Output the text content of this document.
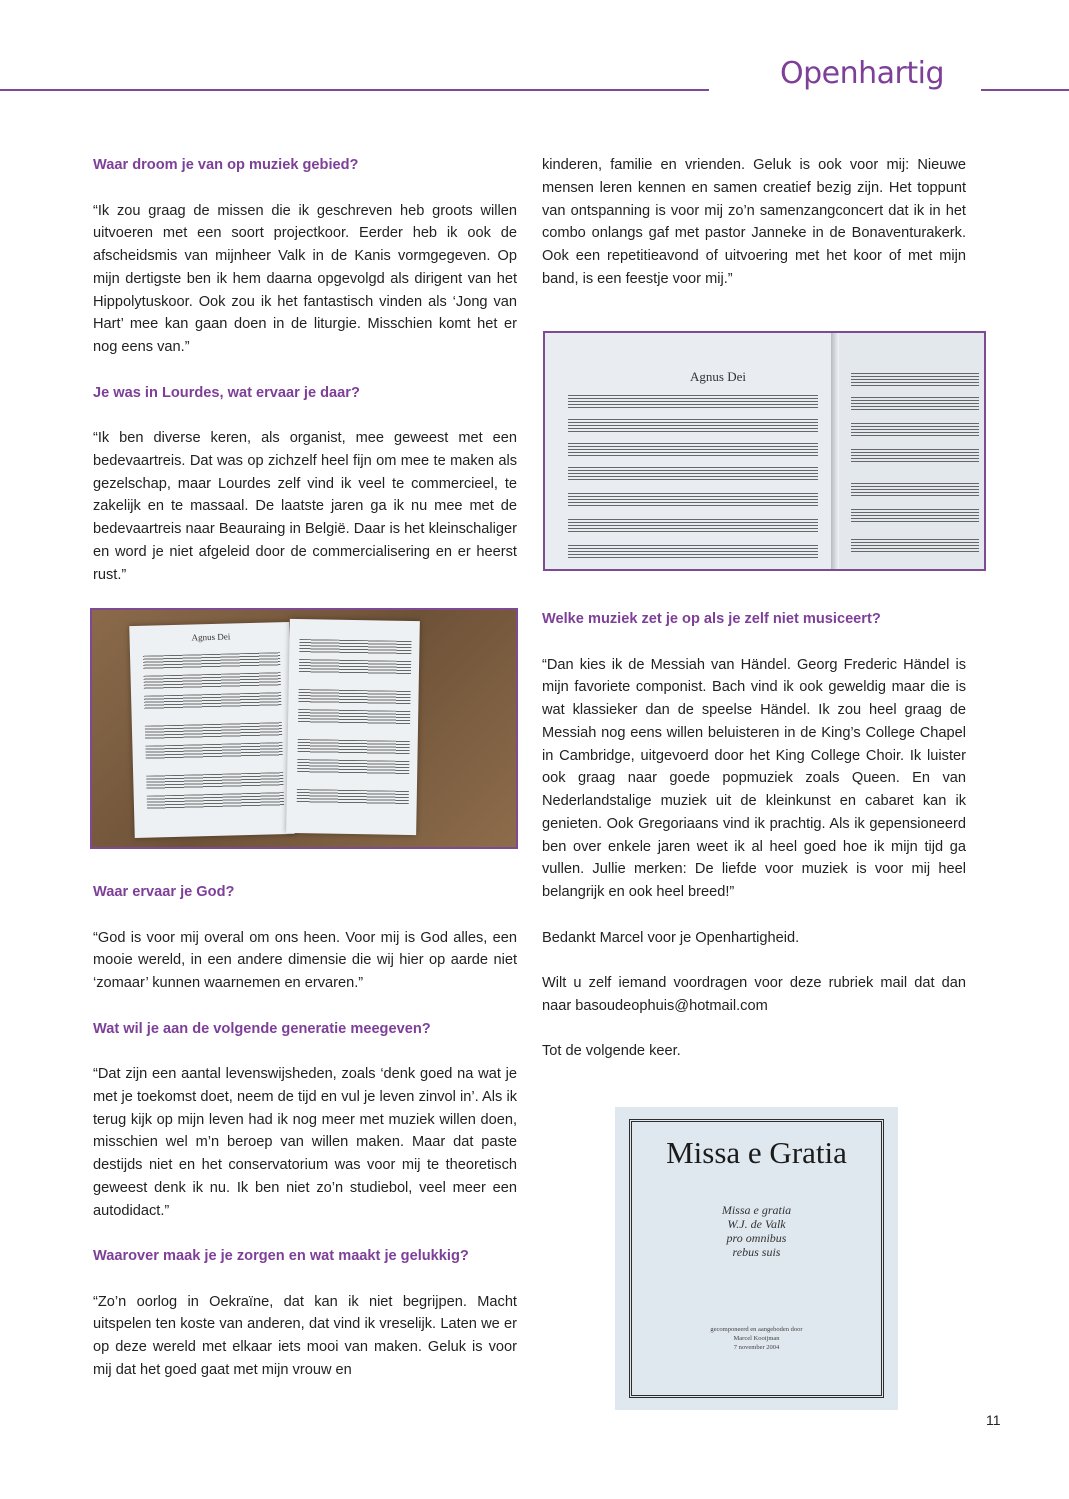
Openhartig

Waar droom je van op muziek gebied?

“Ik zou graag de missen die ik geschreven heb groots willen uitvoeren met een soort projectkoor. Eerder heb ik ook de afscheidsmis van mijnheer Valk in de Kanis vormgegeven. Op mijn dertigste ben ik hem daarna opgevolgd als dirigent van het Hippolytuskoor. Ook zou ik het fantastisch vinden als ‘Jong van Hart’ mee kan gaan doen in de liturgie. Misschien komt het er nog eens van.”

Je was in Lourdes, wat ervaar je daar?

“Ik ben diverse keren, als organist, mee geweest met een bedevaartreis. Dat was op zichzelf heel fijn om mee te maken als gezelschap, maar Lourdes zelf vind ik veel te commercieel, te zakelijk en te massaal. De laatste jaren ga ik nu mee met de bedevaartreis naar Beauraing in België. Daar is het kleinschaliger en word je niet afgeleid door de commercialisering en er heerst rust.”

Agnus Dei

Waar ervaar je God?

“God is voor mij overal om ons heen. Voor mij is God alles, een mooie wereld, in een andere dimensie die wij hier op aarde niet ‘zomaar’ kunnen waarnemen en ervaren.”

Wat wil je aan de volgende generatie meegeven?

“Dat zijn een aantal levenswijsheden, zoals ‘denk goed na wat je met je toekomst doet, neem de tijd en vul je leven zinvol in’. Als ik terug kijk op mijn leven had ik nog meer met muziek willen doen, misschien wel m’n beroep van willen maken. Maar dat paste destijds niet en het conservatorium was voor mij te theoretisch geweest denk ik nu. Ik ben niet zo’n studiebol, veel meer een autodidact.”

Waarover maak je je zorgen en wat maakt je gelukkig?

“Zo’n oorlog in Oekraïne, dat kan ik niet begrijpen. Macht uitspelen ten koste van anderen, dat vind ik vreselijk. Laten we er op deze wereld met elkaar iets mooi van maken. Geluk is voor mij dat het goed gaat met mijn vrouw en

kinderen, familie en vrienden. Geluk is ook voor mij: Nieuwe mensen leren kennen en samen creatief bezig zijn. Het toppunt van ontspanning is voor mij zo’n samenzangconcert dat ik in het combo onlangs gaf met pastor Janneke in de Bonaventurakerk. Ook een repetitieavond of uitvoering met het koor of met mijn band, is een feestje voor mij.”

Agnus Dei

Welke muziek zet je op als je zelf niet musiceert?

“Dan kies ik de Messiah van Händel. Georg Frederic Händel is mijn favoriete componist. Bach vind ik ook geweldig maar die is wat klassieker dan de speelse Händel. Ik zou heel graag de Messiah nog eens willen beluisteren in de King’s College Chapel in Cambridge, uitgevoerd door het King College Choir. Ik luister ook graag naar goede popmuziek zoals Queen. En van Nederlandstalige muziek uit de kleinkunst en cabaret kan ik genieten. Ook Gregoriaans vind ik prachtig. Als ik gepensioneerd ben over enkele jaren weet ik al heel goed hoe ik mijn tijd ga vullen. Jullie merken: De liefde voor muziek is voor mij heel belangrijk en ook heel breed!”

Bedankt Marcel voor je Openhartigheid.

Wilt u zelf iemand voordragen voor deze rubriek mail dat dan naar basoudeophuis@hotmail.com

Tot de volgende keer.

Missa e Gratia
Missa e gratia
W.J. de Valk
pro omnibus
rebus suis
gecomponeerd en aangeboden door
Marcel Kooijman
7 november 2004
11
